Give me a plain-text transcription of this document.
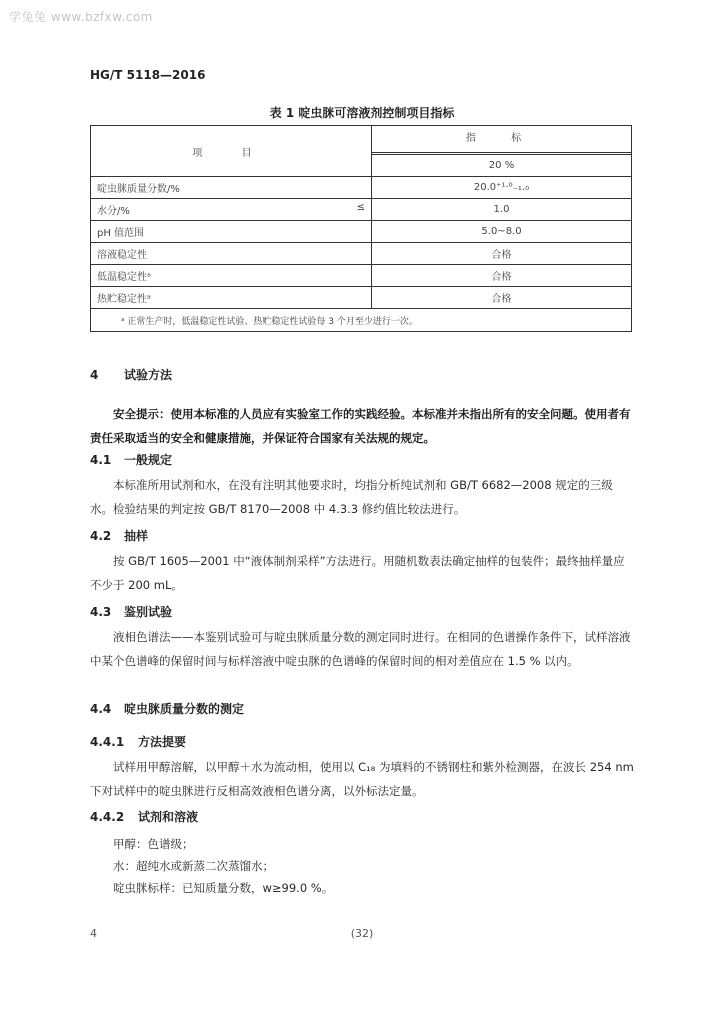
学兔兔 www.bzfxw.com
HG/T 5118—2016
表 1 啶虫脒可溶液剂控制项目指标
项 目	指 标

	20 %
啶虫脒质量分数/%	20.0⁺¹·⁰₋₁.₀

水分/% ≤	1.0
pH 值范围	5.0~8.0
溶液稳定性	合格
低温稳定性ᵃ	合格
热贮稳定性ᵃ	合格
ᵃ 正常生产时，低温稳定性试验、热贮稳定性试验每 3 个月至少进行一次。	
4 试验方法
安全提示：使用本标准的人员应有实验室工作的实践经验。本标准并未指出所有的安全问题。使用者有责任采取适当的安全和健康措施，并保证符合国家有关法规的规定。
4.1 一般规定
本标准所用试剂和水，在没有注明其他要求时，均指分析纯试剂和 GB/T 6682—2008 规定的三级水。检验结果的判定按 GB/T 8170—2008 中 4.3.3 修约值比较法进行。
4.2 抽样
按 GB/T 1605—2001 中“液体制剂采样”方法进行。用随机数表法确定抽样的包装件；最终抽样量应不少于 200 mL。
4.3 鉴别试验
液相色谱法——本鉴别试验可与啶虫脒质量分数的测定同时进行。在相同的色谱操作条件下，试样溶液中某个色谱峰的保留时间与标样溶液中啶虫脒的色谱峰的保留时间的相对差值应在 1.5 % 以内。
4.4 啶虫脒质量分数的测定
4.4.1 方法提要
试样用甲醇溶解，以甲醇＋水为流动相，使用以 C₁₈ 为填料的不锈钢柱和紫外检测器，在波长 254 nm 下对试样中的啶虫脒进行反相高效液相色谱分离，以外标法定量。
4.4.2 试剂和溶液
甲醇：色谱级；
水：超纯水或新蒸二次蒸馏水；
啶虫脒标样：已知质量分数，w≥99.0 %。
4	(32)
